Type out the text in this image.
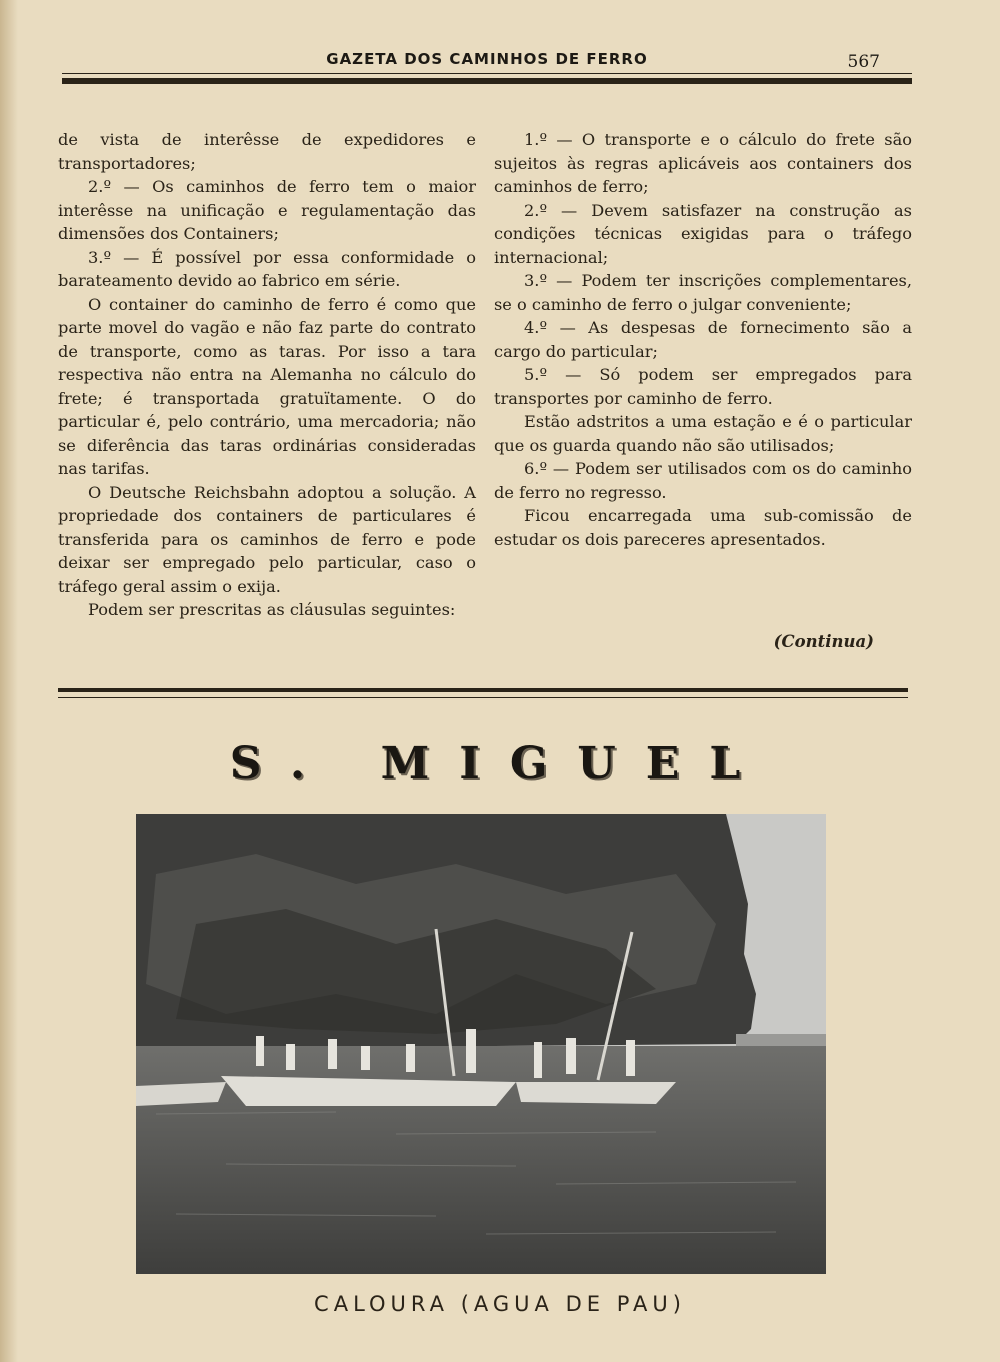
GAZETA DOS CAMINHOS DE FERRO	567

de vista de interêsse de expedidores e transportadores;

2.º — Os caminhos de ferro tem o maior interêsse na unificação e regulamentação das dimensões dos Containers;

3.º — É possível por essa conformidade o barateamento devido ao fabrico em série.

O container do caminho de ferro é como que parte movel do vagão e não faz parte do contrato de transporte, como as taras. Por isso a tara respectiva não entra na Alemanha no cálculo do frete; é transportada gratuïtamente. O do particular é, pelo contrário, uma mercadoria; não se diferência das taras ordinárias consideradas nas tarifas.

O Deutsche Reichsbahn adoptou a solução. A propriedade dos containers de particulares é transferida para os caminhos de ferro e pode deixar ser empregado pelo particular, caso o tráfego geral assim o exija.

Podem ser prescritas as cláusulas seguintes:

1.º — O transporte e o cálculo do frete são sujeitos às regras aplicáveis aos containers dos caminhos de ferro;

2.º — Devem satisfazer na construção as condições técnicas exigidas para o tráfego internacional;

3.º — Podem ter inscrições complementares, se o caminho de ferro o julgar conveniente;

4.º — As despesas de fornecimento são a cargo do particular;

5.º — Só podem ser empregados para transportes por caminho de ferro.

Estão adstritos a uma estação e é o particular que os guarda quando não são utilisados;

6.º — Podem ser utilisados com os do caminho de ferro no regresso.

Ficou encarregada uma sub-comissão de estudar os dois pareceres apresentados.

(Continua)
S. MIGUEL
CALOURA (AGUA DE PAU)
